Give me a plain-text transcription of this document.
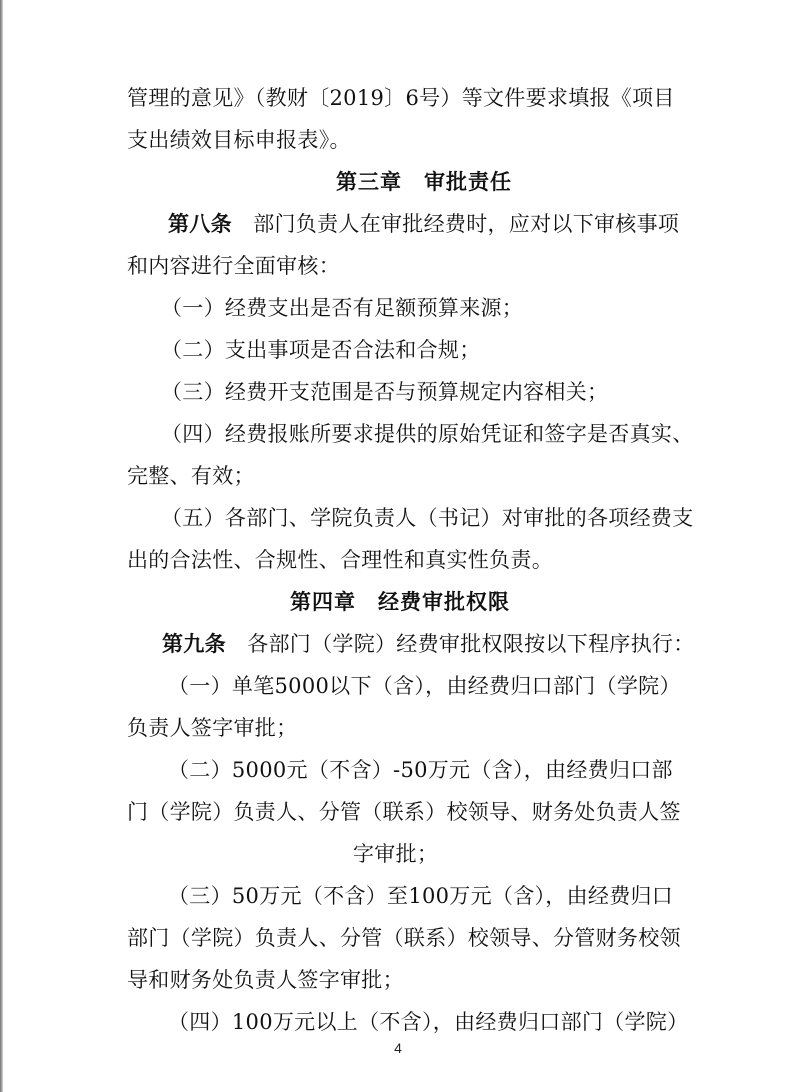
管理的意见》（教财〔2019〕6号）等文件要求填报《项目

支出绩效目标申报表》。

第三章　审批责任

第八条　部门负责人在审批经费时，应对以下审核事项

和内容进行全面审核：

（一）经费支出是否有足额预算来源；

（二）支出事项是否合法和合规；

（三）经费开支范围是否与预算规定内容相关；

（四）经费报账所要求提供的原始凭证和签字是否真实、

完整、有效；

（五）各部门、学院负责人（书记）对审批的各项经费支

出的合法性、合规性、合理性和真实性负责。

第四章　经费审批权限

第九条　各部门（学院）经费审批权限按以下程序执行：

（一）单笔5000以下（含），由经费归口部门（学院）

负责人签字审批；

（二）5000元（不含）-50万元（含），由经费归口部

门（学院）负责人、分管（联系）校领导、财务处负责人签

字审批；

（三）50万元（不含）至100万元（含），由经费归口

部门（学院）负责人、分管（联系）校领导、分管财务校领

导和财务处负责人签字审批；

（四）100万元以上（不含），由经费归口部门（学院）

4
